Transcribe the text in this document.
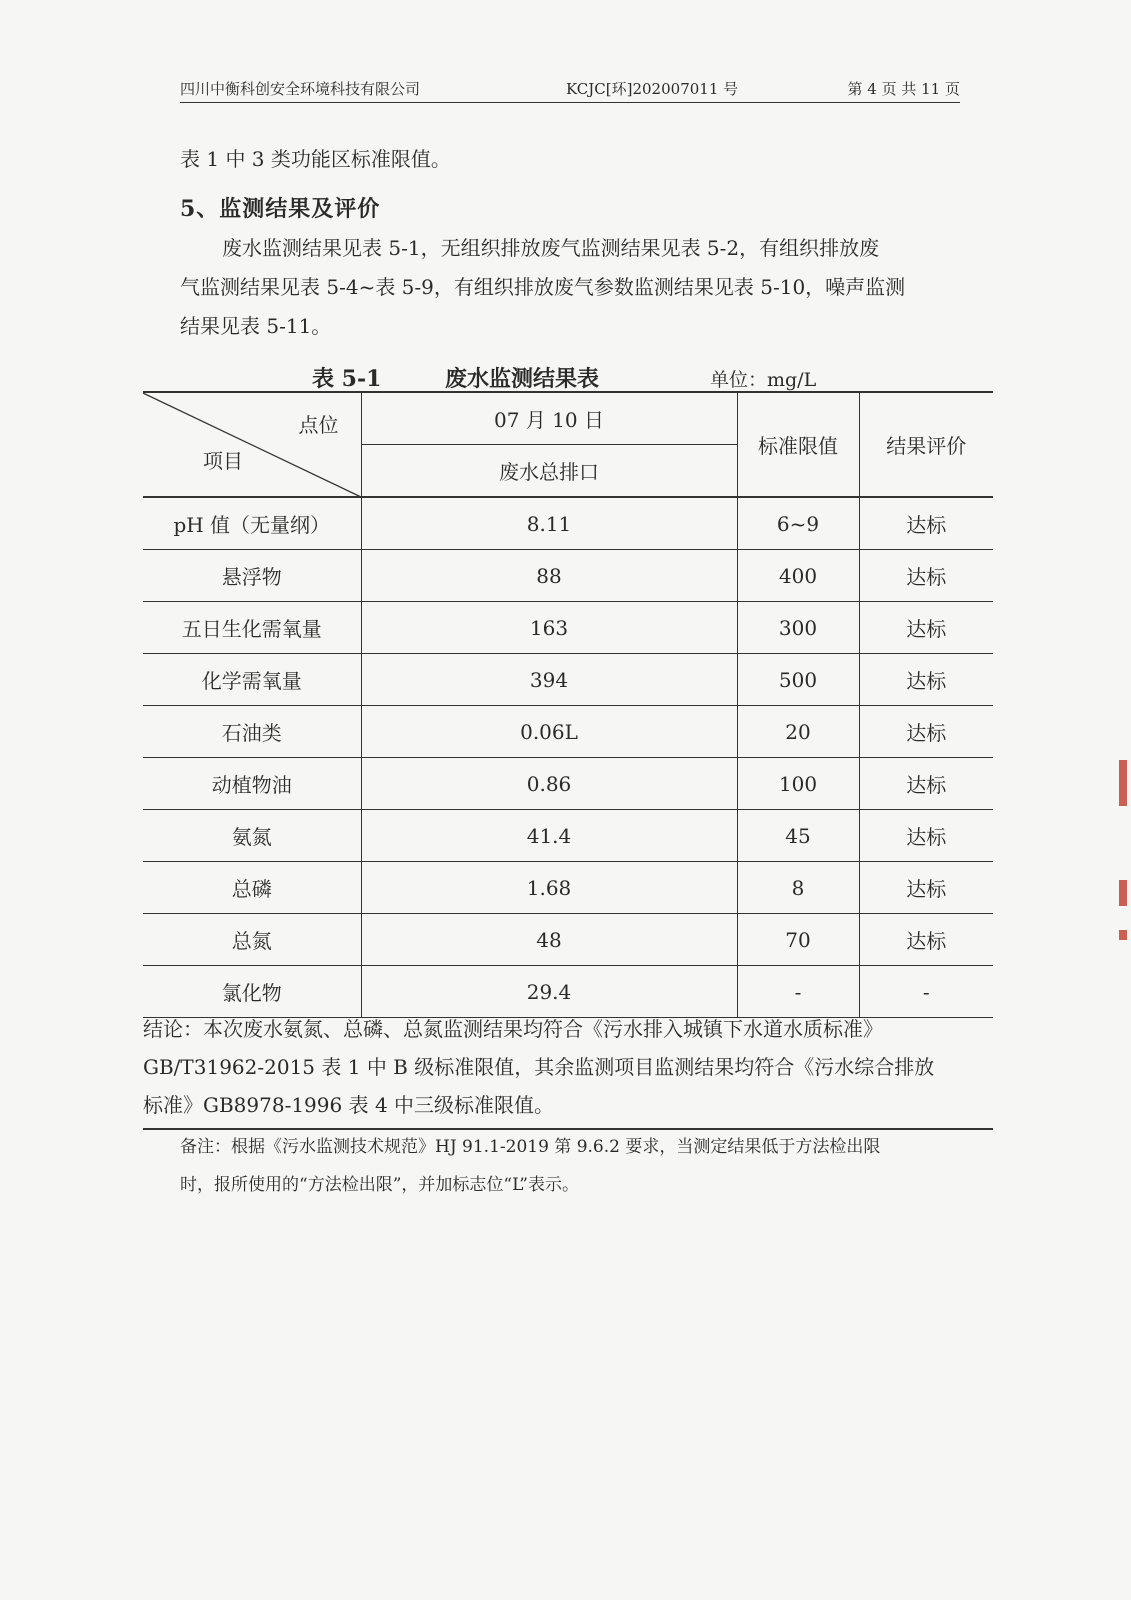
四川中衡科创安全环境科技有限公司	KCJC[环]202007011 号	第 4 页 共 11 页
表 1 中 3 类功能区标准限值。
5、监测结果及评价
废水监测结果见表 5-1，无组织排放废气监测结果见表 5-2，有组织排放废
气监测结果见表 5-4~表 5-9，有组织排放废气参数监测结果见表 5-10，噪声监测
结果见表 5-11。
表 5-1	废水监测结果表	单位：mg/L
点位
项目	07 月 10 日	标准限值	结果评价
	废水总排口		
pH 值（无量纲）	8.11	6~9	达标
悬浮物	88	400	达标
五日生化需氧量	163	300	达标
化学需氧量	394	500	达标
石油类	0.06L	20	达标
动植物油	0.86	100	达标
氨氮	41.4	45	达标
总磷	1.68	8	达标
总氮	48	70	达标
氯化物	29.4	-	-
结论：本次废水氨氮、总磷、总氮监测结果均符合《污水排入城镇下水道水质标准》
GB/T31962-2015 表 1 中 B 级标准限值，其余监测项目监测结果均符合《污水综合排放
标准》GB8978-1996 表 4 中三级标准限值。
备注：根据《污水监测技术规范》HJ 91.1-2019 第 9.6.2 要求，当测定结果低于方法检出限
时，报所使用的“方法检出限”，并加标志位“L”表示。
